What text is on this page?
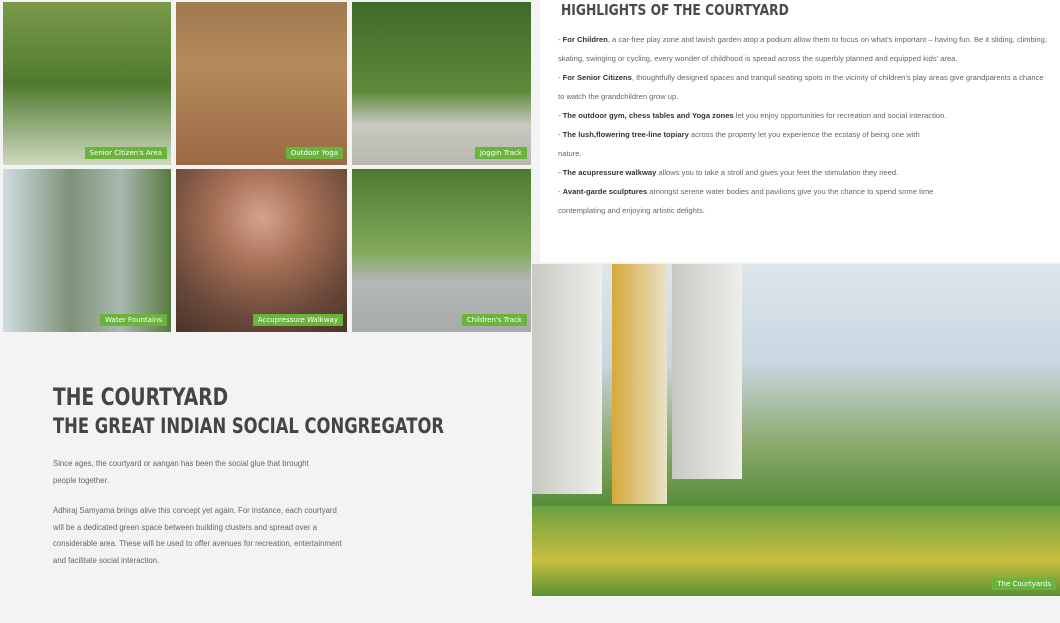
Senior Citizen's Area	Outdoor Yoga	Joggin Track
Water Fountains	Accupressure Walkway	Children's Track
HIGHLIGHTS OF THE COURTYARD
- For Children, a car-free play zone and lavish garden atop a podium allow them to focus on what's important – having fun. Be it sliding, climbing, skating, swinging or cycling, every wonder of childhood is spread across the superbly planned and equipped kids' area.
- For Senior Citizens, thoughtfully designed spaces and tranquil seating spots in the vicinity of children's play areas give grandparents a chance to watch the grandchildren grow up.
- The outdoor gym, chess tables and Yoga zones let you enjoy opportunities for recreation and social interaction.
- The lush,flowering tree-line topiary across the property let you experience the ecstasy of being one with nature.
- The acupressure walkway allows you to take a stroll and gives your feet the stimulation they need.
- Avant-garde sculptures amongst serene water bodies and pavilions give you the chance to spend some time contemplating and enjoying artistic delights.
The Courtyards
THE COURTYARD
THE GREAT INDIAN SOCIAL CONGREGATOR

Since ages, the courtyard or aangan has been the social glue that brought people together.

Adhiraj Samyama brings alive this concept yet again. For instance, each courtyard will be a dedicated green space between building clusters and spread over a considerable area. These will be used to offer avenues for recreation, entertainment and facilitate social interaction.
